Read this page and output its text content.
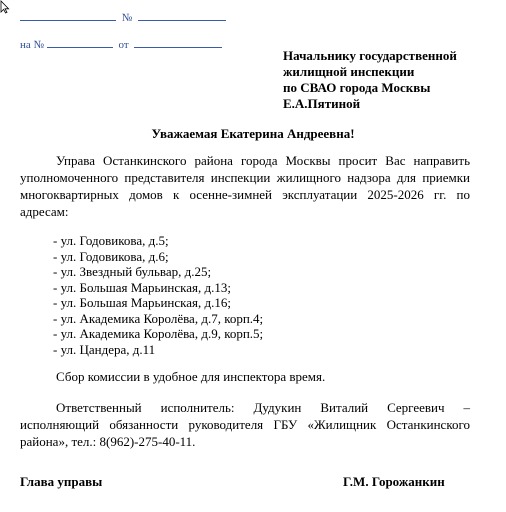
№
на №	от
Начальнику государственной
жилищной инспекции
по СВАО города Москвы
Е.А.Пятиной
Уважаемая Екатерина Андреевна!
Управа Останкинского района города Москвы просит Вас направить уполномоченного представителя инспекции жилищного надзора для приемки многоквартирных домов к осенне-зимней эксплуатации 2025-2026 гг. по адресам:
- ул. Годовикова, д.5;
- ул. Годовикова, д.6;
- ул. Звездный бульвар, д.25;
- ул. Большая Марьинская, д.13;
- ул. Большая Марьинская, д.16;
- ул. Академика Королёва, д.7, корп.4;
- ул. Академика Королёва, д.9, корп.5;
- ул. Цандера, д.11
Сбор комиссии в удобное для инспектора время.
Ответственный исполнитель: Дудукин Виталий Сергеевич – исполняющий обязанности руководителя ГБУ «Жилищник Останкинского района», тел.: 8(962)-275-40-11.
Глава управы	Г.М. Горожанкин
